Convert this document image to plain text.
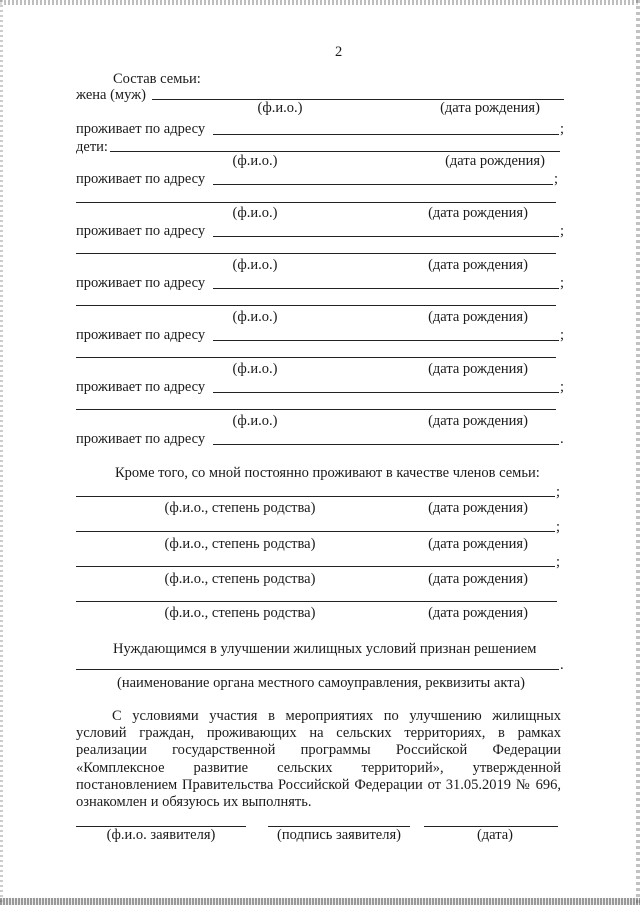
2
Состав семьи:
жена (муж)
(ф.и.о.)	(дата рождения)
проживает по адресу	;
дети:
(ф.и.о.)	(дата рождения)
проживает по адресу	;
(ф.и.о.)	(дата рождения)
проживает по адресу	;
(ф.и.о.)	(дата рождения)
проживает по адресу	;
(ф.и.о.)	(дата рождения)
проживает по адресу	;
(ф.и.о.)	(дата рождения)
проживает по адресу	;
(ф.и.о.)	(дата рождения)
проживает по адресу	.
Кроме того, со мной постоянно проживают в качестве членов семьи:
;
(ф.и.о., степень родства)	(дата рождения)
;
(ф.и.о., степень родства)	(дата рождения)
;
(ф.и.о., степень родства)	(дата рождения)
(ф.и.о., степень родства)	(дата рождения)
Нуждающимся в улучшении жилищных условий признан решением
.
(наименование органа местного самоуправления, реквизиты акта)
С условиями участия в мероприятиях по улучшению жилищных условий граждан, проживающих на сельских территориях, в рамках реализации государственной программы Российской Федерации «Комплексное развитие сельских территорий», утвержденной постановлением Правительства Российской Федерации от 31.05.2019 № 696, ознакомлен и обязуюсь их выполнять.
(ф.и.о. заявителя)	(подпись заявителя)	(дата)
